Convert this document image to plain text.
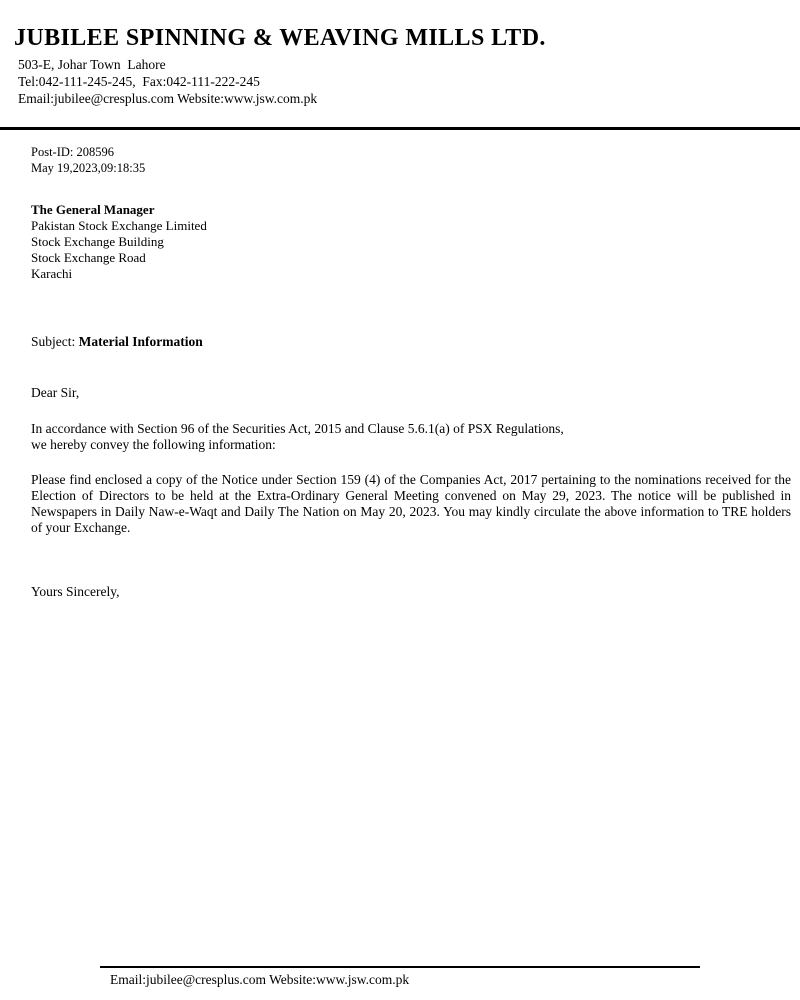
JUBILEE SPINNING & WEAVING MILLS LTD.
503-E, Johar Town  Lahore
Tel:042-111-245-245,  Fax:042-111-222-245
Email:jubilee@cresplus.com Website:www.jsw.com.pk
Post-ID: 208596
May 19,2023,09:18:35
The General Manager
Pakistan Stock Exchange Limited
Stock Exchange Building
Stock Exchange Road
Karachi
Subject: Material Information

Dear Sir,

In accordance with Section 96 of the Securities Act, 2015 and Clause 5.6.1(a) of PSX Regulations,
we hereby convey the following information:

Please find enclosed a copy of the Notice under Section 159 (4) of the Companies Act, 2017 pertaining to the nominations received for the Election of Directors to be held at the Extra-Ordinary General Meeting convened on May 29, 2023. The notice will be published in Newspapers in Daily Naw-e-Waqt and Daily The Nation on May 20, 2023. You may kindly circulate the above information to TRE holders of your Exchange.

Yours Sincerely,

Email:jubilee@cresplus.com Website:www.jsw.com.pk
